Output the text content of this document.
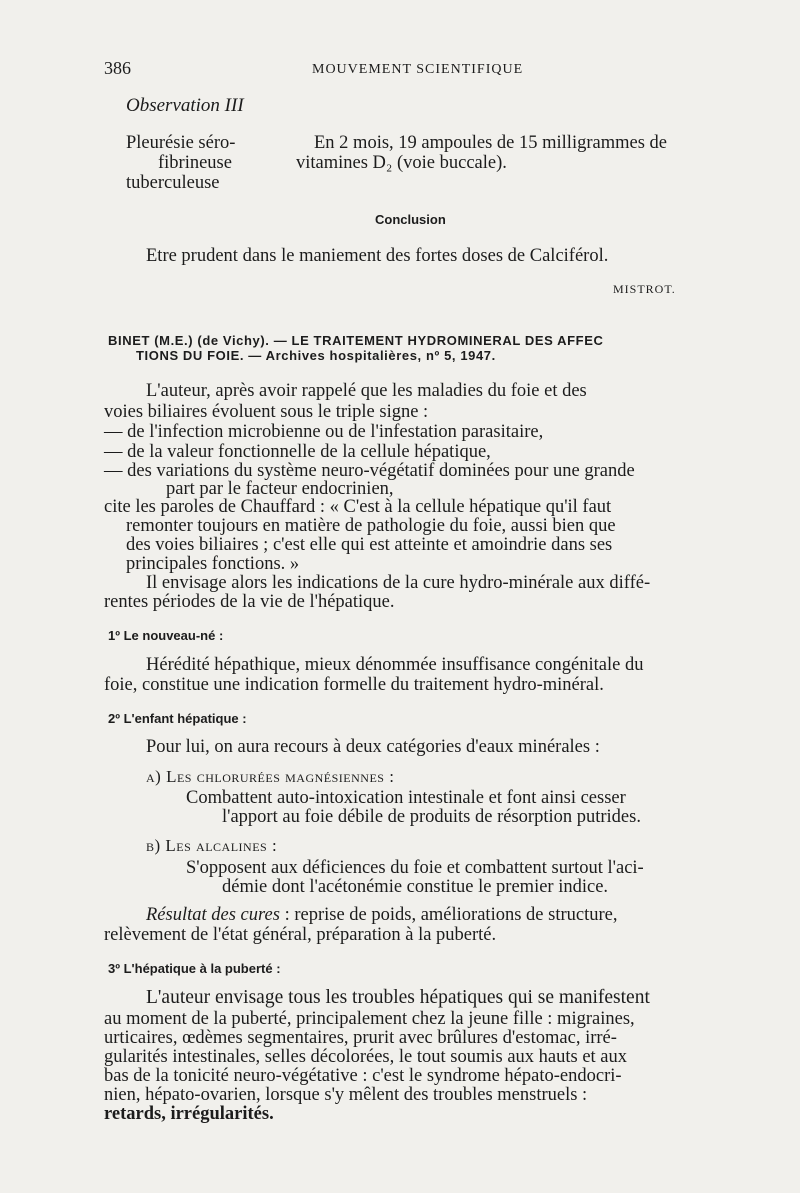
386	MOUVEMENT SCIENTIFIQUE
Observation III
Pleurésie séro-
fibrineuse
tuberculeuse
En 2 mois, 19 ampoules de 15 milligrammes de
vitamines D₂ (voie buccale).
Conclusion
Etre prudent dans le maniement des fortes doses de Calciférol.
MISTROT.
BINET (M.E.) (de Vichy). — LE TRAITEMENT HYDROMINERAL DES AFFEC
TIONS DU FOIE. — Archives hospitalières, nº 5, 1947.
L'auteur, après avoir rappelé que les maladies du foie et des
voies biliaires évoluent sous le triple signe :
— de l'infection microbienne ou de l'infestation parasitaire,
— de la valeur fonctionnelle de la cellule hépatique,
— des variations du système neuro-végétatif dominées pour une grande
part par le facteur endocrinien,
cite les paroles de Chauffard : « C'est à la cellule hépatique qu'il faut
remonter toujours en matière de pathologie du foie, aussi bien que
des voies biliaires ; c'est elle qui est atteinte et amoindrie dans ses
principales fonctions. »
Il envisage alors les indications de la cure hydro-minérale aux diffé-
rentes périodes de la vie de l'hépatique.
1º Le nouveau-né :
Hérédité hépathique, mieux dénommée insuffisance congénitale du
foie, constitue une indication formelle du traitement hydro-minéral.
2º L'enfant hépatique :
Pour lui, on aura recours à deux catégories d'eaux minérales :
a) Les chlorurées magnésiennes :
Combattent auto-intoxication intestinale et font ainsi cesser
l'apport au foie débile de produits de résorption putrides.
b) Les alcalines :
S'opposent aux déficiences du foie et combattent surtout l'aci-
démie dont l'acétonémie constitue le premier indice.
Résultat des cures : reprise de poids, améliorations de structure,
relèvement de l'état général, préparation à la puberté.
3º L'hépatique à la puberté :
L'auteur envisage tous les troubles hépatiques qui se manifestent
au moment de la puberté, principalement chez la jeune fille : migraines,
urticaires, œdèmes segmentaires, prurit avec brûlures d'estomac, irré-
gularités intestinales, selles décolorées, le tout soumis aux hauts et aux
bas de la tonicité neuro-végétative : c'est le syndrome hépato-endocri-
nien, hépato-ovarien, lorsque s'y mêlent des troubles menstruels :
retards, irrégularités.
